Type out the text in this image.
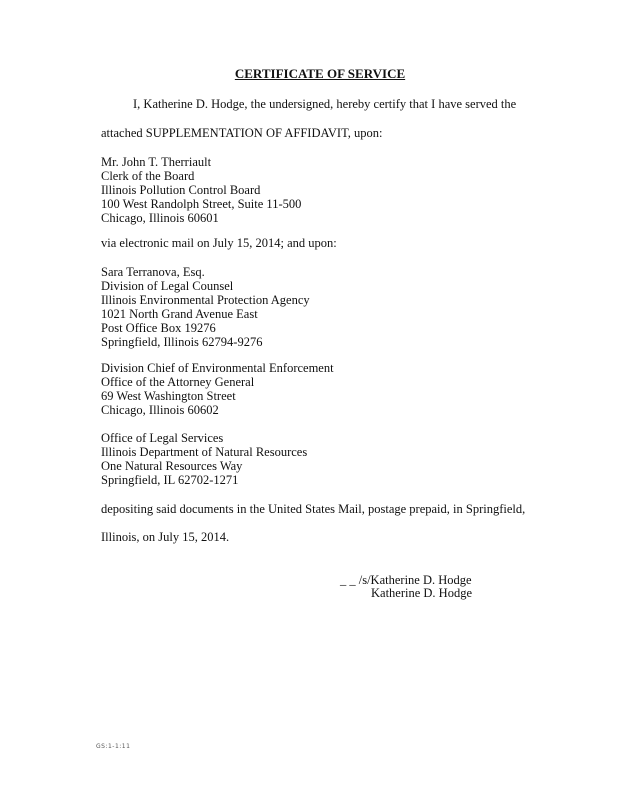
CERTIFICATE OF SERVICE
I, Katherine D. Hodge, the undersigned, hereby certify that I have served the
attached SUPPLEMENTATION OF AFFIDAVIT, upon:
Mr. John T. Therriault
Clerk of the Board
Illinois Pollution Control Board
100 West Randolph Street, Suite 11-500
Chicago, Illinois 60601
via electronic mail on July 15, 2014; and upon:
Sara Terranova, Esq.
Division of Legal Counsel
Illinois Environmental Protection Agency
1021 North Grand Avenue East
Post Office Box 19276
Springfield, Illinois 62794-9276
Division Chief of Environmental Enforcement
Office of the Attorney General
69 West Washington Street
Chicago, Illinois 60602
Office of Legal Services
Illinois Department of Natural Resources
One Natural Resources Way
Springfield, IL 62702-1271
depositing said documents in the United States Mail, postage prepaid, in Springfield,
Illinois, on July 15, 2014.
_ _ /s/Katherine D. Hodge
Katherine D. Hodge
GS:1-1:11
